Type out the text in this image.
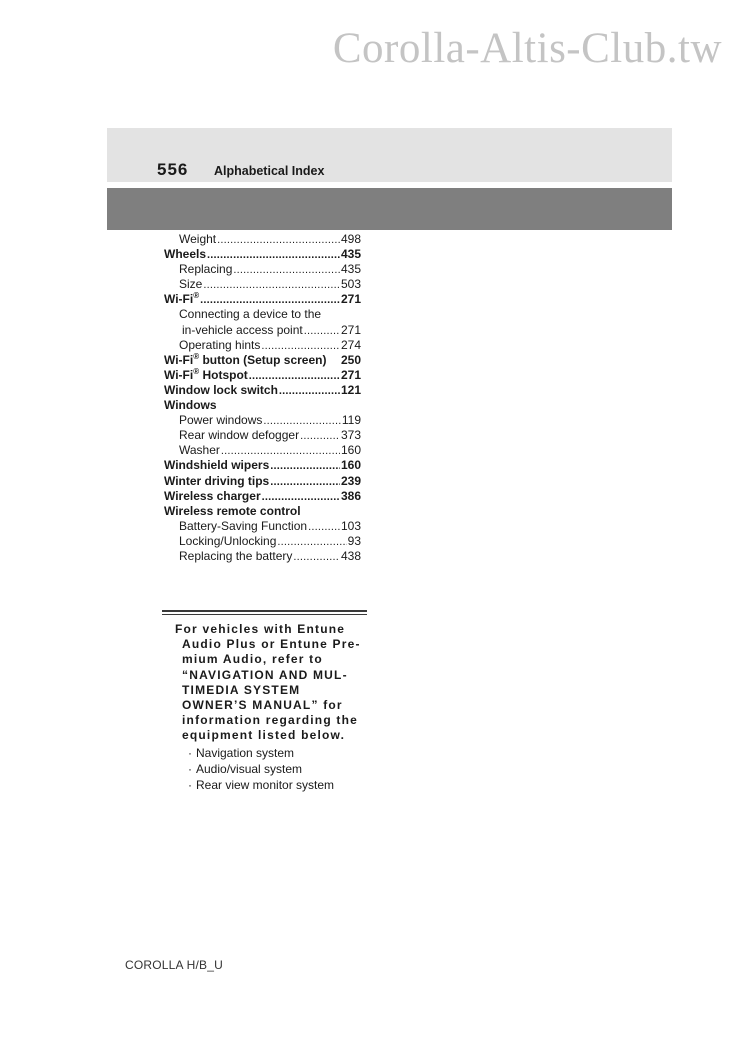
Corolla-Altis-Club.tw
556 Alphabetical Index
Weight .....	498
Wheels .....	435
Replacing .....	435
Size .....	503
Wi-Fi® .....	271
Connecting a device to the
in-vehicle access point .....	271
Operating hints .....	274
Wi-Fi® button (Setup screen) 250
Wi-Fi® Hotspot .....	271
Window lock switch .....	121
Windows
Power windows .....	119
Rear window defogger .....	373
Washer .....	160
Windshield wipers .....	160
Winter driving tips .....	239
Wireless charger .....	386
Wireless remote control
Battery-Saving Function .....	103
Locking/Unlocking .....	93
Replacing the battery .....	438
For vehicles with Entune
Audio Plus or Entune Pre-
mium Audio, refer to
“NAVIGATION AND MUL-
TIMEDIA SYSTEM
OWNER’S MANUAL” for
information regarding the
equipment listed below.
· Navigation system
· Audio/visual system
· Rear view monitor system
COROLLA H/B_U
